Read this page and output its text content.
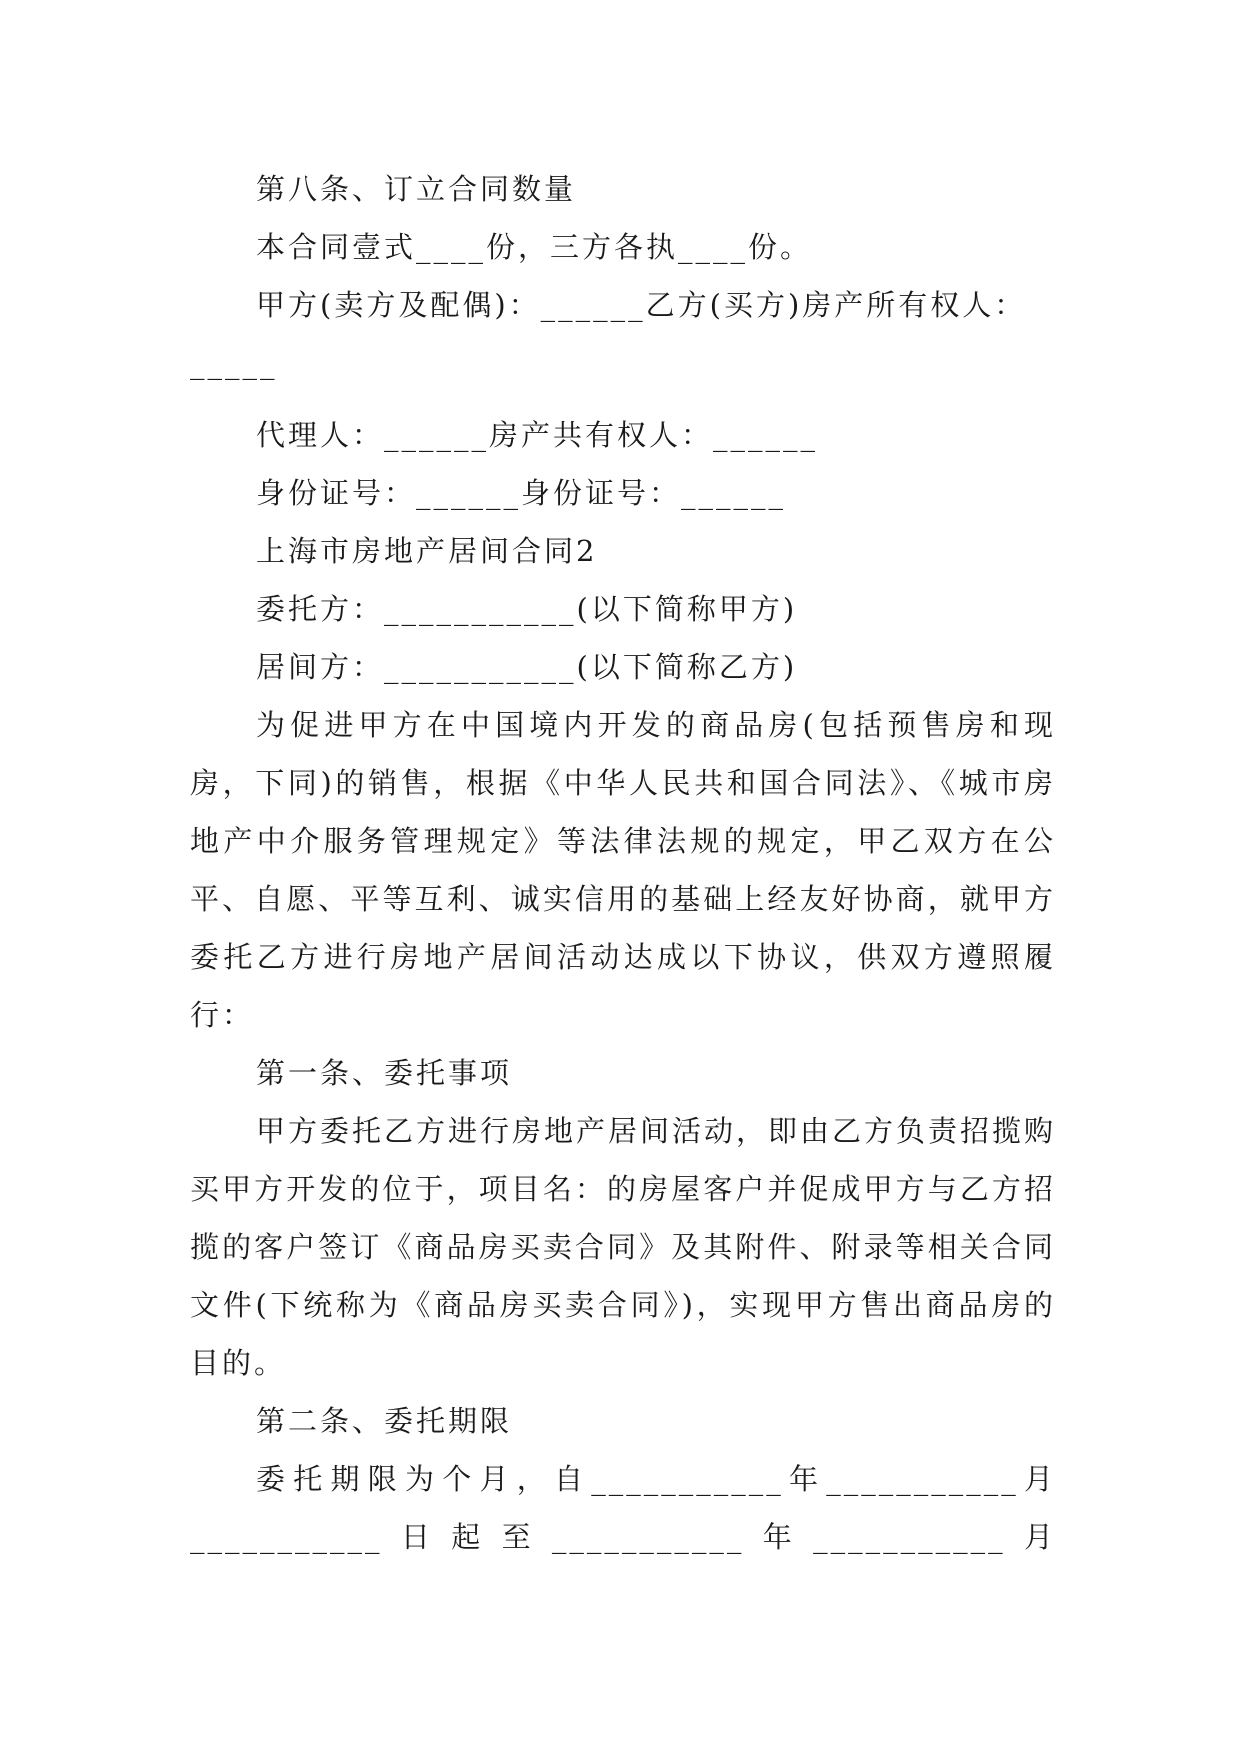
第八条、订立合同数量
本合同壹式____份，三方各执____份。
甲方(卖方及配偶)：______乙方(买方)房产所有权人：
_____
代理人：______房产共有权人：______
身份证号：______身份证号：______
上海市房地产居间合同2
委托方：___________(以下简称甲方)
居间方：___________(以下简称乙方)
为促进甲方在中国境内开发的商品房(包括预售房和现房，下同)的销售，根据《中华人民共和国合同法》、《城市房地产中介服务管理规定》等法律法规的规定，甲乙双方在公平、自愿、平等互利、诚实信用的基础上经友好协商，就甲方委托乙方进行房地产居间活动达成以下协议，供双方遵照履行：
第一条、委托事项
甲方委托乙方进行房地产居间活动，即由乙方负责招揽购买甲方开发的位于，项目名：的房屋客户并促成甲方与乙方招揽的客户签订《商品房买卖合同》及其附件、附录等相关合同文件(下统称为《商品房买卖合同》)，实现甲方售出商品房的目的。
第二条、委托期限
委 托 期 限 为 个 月 ， 自 ___________ 年 ___________ 月
___________ 日 起 至 ___________ 年 ___________ 月
